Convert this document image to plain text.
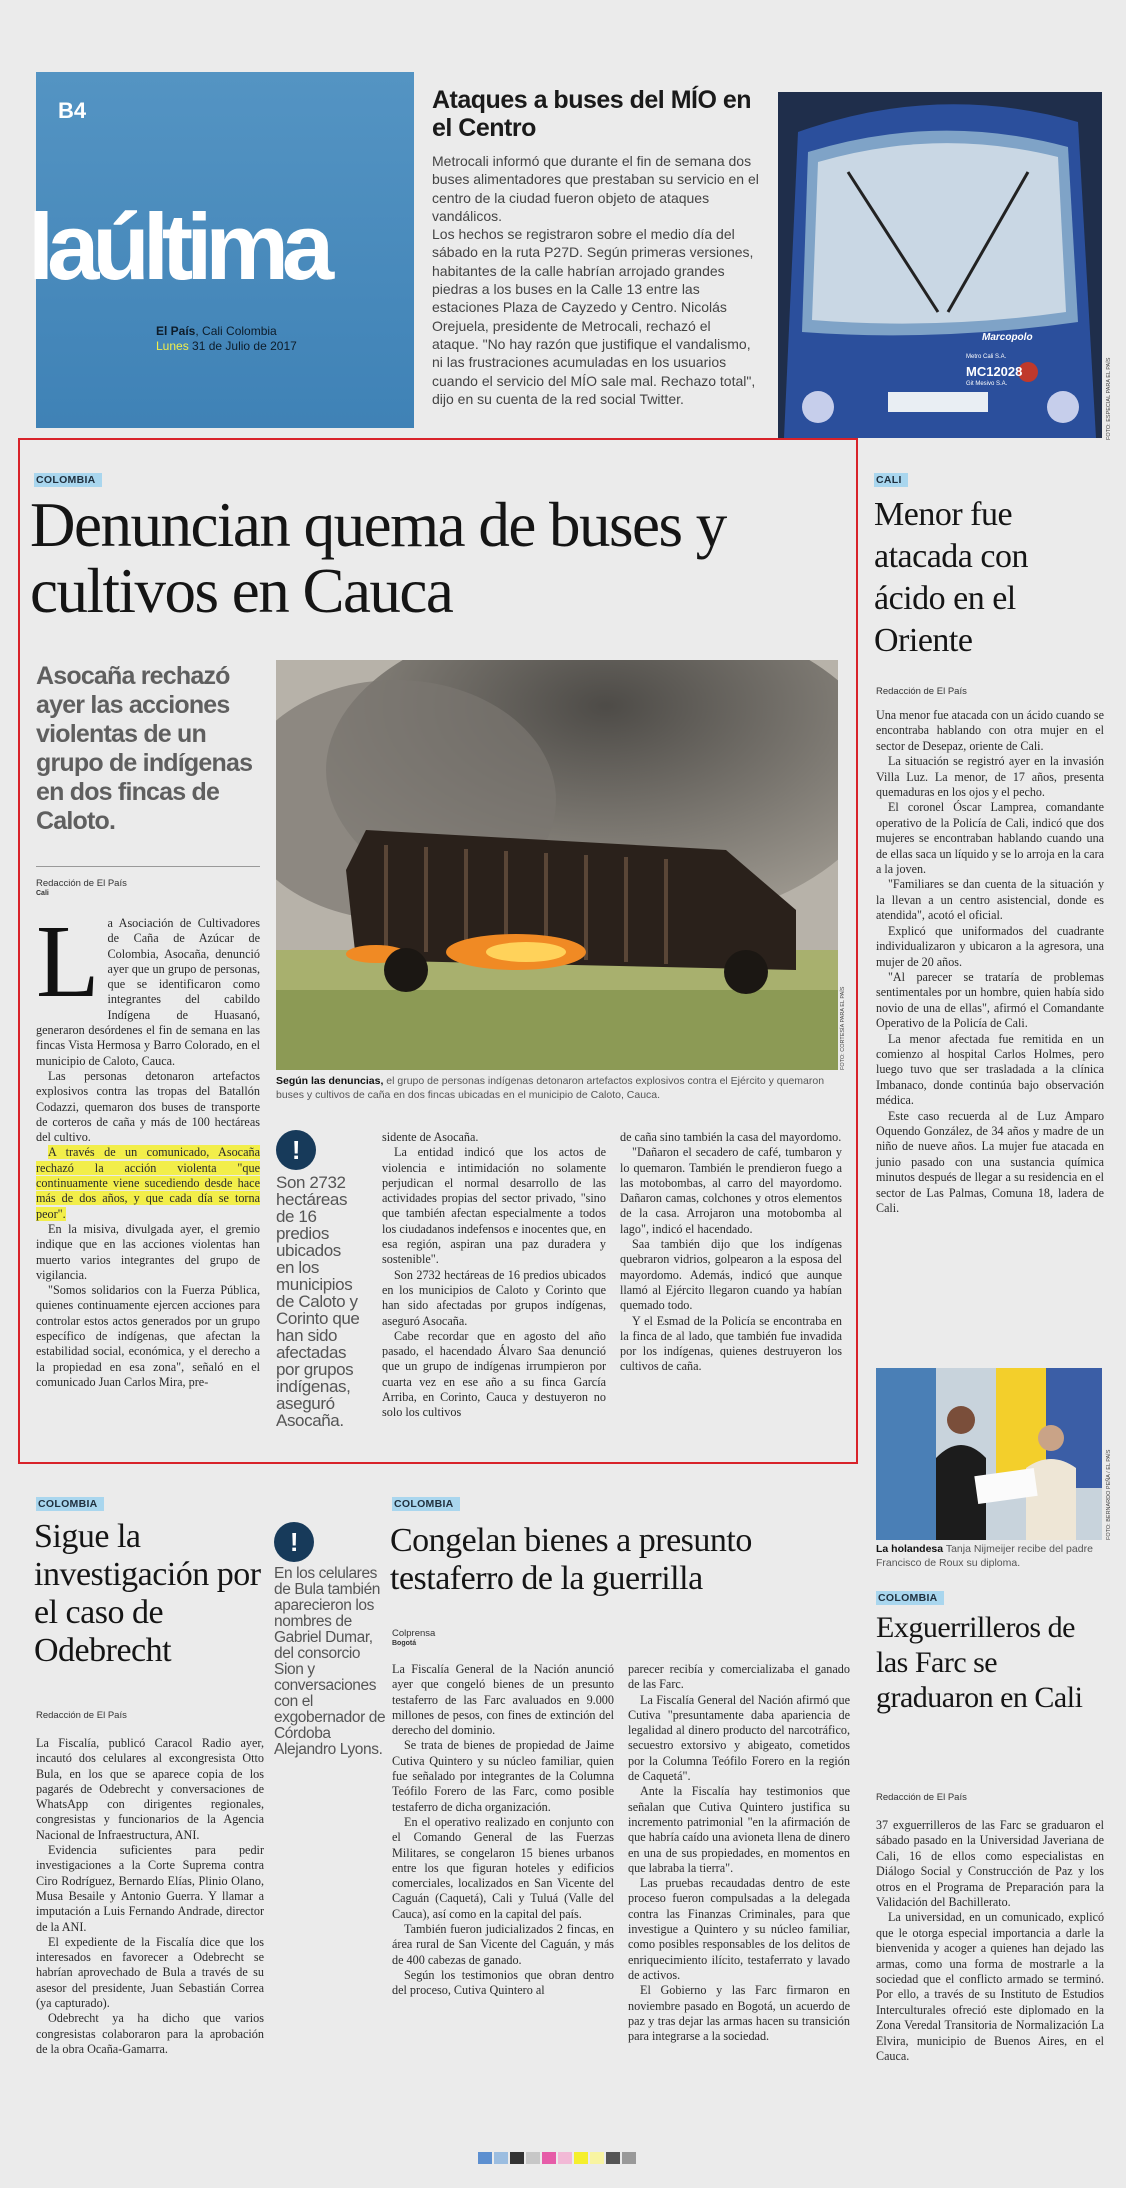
B4
laúltima
El País, Cali Colombia
Lunes 31 de Julio de 2017
Ataques a buses del MÍO en el Centro
Metrocali informó que durante el fin de semana dos buses alimentadores que prestaban su servicio en el centro de la ciudad fueron objeto de ataques vandálicos.
Los hechos se registraron sobre el medio día del sábado en la ruta P27D. Según primeras versiones, habitantes de la calle habrían arrojado grandes piedras a los buses en la Calle 13 entre las estaciones Plaza de Cayzedo y Centro. Nicolás Orejuela, presidente de Metrocali, rechazó el ataque. "No hay razón que justifique el vandalismo, ni las frustraciones acumuladas en los usuarios cuando el servicio del MÍO sale mal. Rechazo total", dijo en su cuenta de la red social Twitter.
Marcopolo
Metro Cali S.A.
MC12028
Git Mesivo S.A.	FOTO: ESPECIAL PARA EL PAÍS
COLOMBIA
Denuncian quema de buses y cultivos en Cauca
Asocaña rechazó ayer las acciones violentas de un grupo de indígenas en dos fincas de Caloto.
Redacción de El País
Cali
L a Asociación de Cultivadores de Caña de Azúcar de Colombia, Asocaña, denunció ayer que un grupo de personas, que se identificaron como integrantes del cabildo Indígena de Huasanó, generaron desórdenes el fin de semana en las fincas Vista Hermosa y Barro Colorado, en el municipio de Caloto, Cauca.

Las personas detonaron artefactos explosivos contra las tropas del Batallón Codazzi, quemaron dos buses de transporte de corteros de caña y más de 100 hectáreas del cultivo.

A través de un comunicado, Asocaña rechazó la acción violenta "que continuamente viene sucediendo desde hace más de dos años, y que cada día se torna peor".

En la misiva, divulgada ayer, el gremio indique que en las acciones violentas han muerto varios integrantes del grupo de vigilancia.

"Somos solidarios con la Fuerza Pública, quienes continuamente ejercen acciones para controlar estos actos generados por un grupo específico de indígenas, que afectan la estabilidad social, económica, y el derecho a la propiedad en esa zona", señaló en el comunicado Juan Carlos Mira, pre-

FOTO: CORTESÍA PARA EL PAÍS
Según las denuncias, el grupo de personas indígenas detonaron artefactos explosivos contra el Ejército y quemaron buses y cultivos de caña en dos fincas ubicadas en el municipio de Caloto, Cauca.
!
Son 2732 hectáreas de 16 predios ubicados en los municipios de Caloto y Corinto que han sido afectadas por grupos indígenas, aseguró Asocaña.

sidente de Asocaña.

La entidad indicó que los actos de violencia e intimidación no solamente perjudican el normal desarrollo de las actividades propias del sector privado, "sino que también afectan especialmente a todos los ciudadanos indefensos e inocentes que, en esa región, aspiran una paz duradera y sostenible".

Son 2732 hectáreas de 16 predios ubicados en los municipios de Caloto y Corinto que han sido afectadas por grupos indígenas, aseguró Asocaña.

Cabe recordar que en agosto del año pasado, el hacendado Álvaro Saa denunció que un grupo de indígenas irrumpieron por cuarta vez en ese año a su finca García Arriba, en Corinto, Cauca y destuyeron no solo los cultivos

de caña sino también la casa del mayordomo.

"Dañaron el secadero de café, tumbaron y lo quemaron. También le prendieron fuego a las motobombas, al carro del mayordomo. Dañaron camas, colchones y otros elementos de la casa. Arrojaron una motobomba al lago", indicó el hacendado.

Saa también dijo que los indígenas quebraron vidrios, golpearon a la esposa del mayordomo. Además, indicó que aunque llamó al Ejército llegaron cuando ya habían quemado todo.

Y el Esmad de la Policía se encontraba en la finca de al lado, que también fue invadida por los indígenas, quienes destruyeron los cultivos de caña.

CALI
Menor fue atacada con ácido en el Oriente
Redacción de El País

Una menor fue atacada con un ácido cuando se encontraba hablando con otra mujer en el sector de Desepaz, oriente de Cali.

La situación se registró ayer en la invasión Villa Luz. La menor, de 17 años, presenta quemaduras en los ojos y el pecho.

El coronel Óscar Lamprea, comandante operativo de la Policía de Cali, indicó que dos mujeres se encontraban hablando cuando una de ellas saca un líquido y se lo arroja en la cara a la joven.

"Familiares se dan cuenta de la situación y la llevan a un centro asistencial, donde es atendida", acotó el oficial.

Explicó que uniformados del cuadrante individualizaron y ubicaron a la agresora, una mujer de 20 años.

"Al parecer se trataría de problemas sentimentales por un hombre, quien había sido novio de una de ellas", afirmó el Comandante Operativo de la Policía de Cali.

La menor afectada fue remitida en un comienzo al hospital Carlos Holmes, pero luego tuvo que ser trasladada a la clínica Imbanaco, donde continúa bajo observación médica.

Este caso recuerda al de Luz Amparo Oquendo González, de 34 años y madre de un niño de nueve años. La mujer fue atacada en junio pasado con una sustancia química minutos después de llegar a su residencia en el sector de Las Palmas, Comuna 18, ladera de Cali.

FOTO: BERNARDO PEÑA / EL PAÍS
La holandesa Tanja Nijmeijer recibe del padre Francisco de Roux su diploma.
COLOMBIA
Exguerrilleros de las Farc se graduaron en Cali
Redacción de El País

37 exguerrilleros de las Farc se graduaron el sábado pasado en la Universidad Javeriana de Cali, 16 de ellos como especialistas en Diálogo Social y Construcción de Paz y los otros en el Programa de Preparación para la Validación del Bachillerato.

La universidad, en un comunicado, explicó que le otorga especial importancia a darle la bienvenida y acoger a quienes han dejado las armas, como una forma de mostrarle a la sociedad que el conflicto armado se terminó. Por ello, a través de su Instituto de Estudios Interculturales ofreció este diplomado en la Zona Veredal Transitoria de Normalización La Elvira, municipio de Buenos Aires, en el Cauca.

COLOMBIA
Sigue la investigación por el caso de Odebrecht
!
En los celulares de Bula también aparecieron los nombres de Gabriel Dumar, del consorcio Sion y conversaciones con el exgobernador de Córdoba Alejandro Lyons.
Redacción de El País

La Fiscalía, publicó Caracol Radio ayer, incautó dos celulares al excongresista Otto Bula, en los que se aparece copia de los pagarés de Odebrecht y conversaciones de WhatsApp con dirigentes regionales, congresistas y funcionarios de la Agencia Nacional de Infraestructura, ANI.

Evidencia suficientes para pedir investigaciones a la Corte Suprema contra Ciro Rodríguez, Bernardo Elías, Plinio Olano, Musa Besaile y Antonio Guerra. Y llamar a imputación a Luis Fernando Andrade, director de la ANI.

El expediente de la Fiscalía dice que los interesados en favorecer a Odebrecht se habrían aprovechado de Bula a través de su asesor del presidente, Juan Sebastián Correa (ya capturado).

Odebrecht ya ha dicho que varios congresistas colaboraron para la aprobación de la obra Ocaña-Gamarra.

COLOMBIA
Congelan bienes a presunto testaferro de la guerrilla
Colprensa
Bogotá

La Fiscalía General de la Nación anunció ayer que congeló bienes de un presunto testaferro de las Farc avaluados en 9.000 millones de pesos, con fines de extinción del derecho del dominio.

Se trata de bienes de propiedad de Jaime Cutiva Quintero y su núcleo familiar, quien fue señalado por integrantes de la Columna Teófilo Forero de las Farc, como posible testaferro de dicha organización.

En el operativo realizado en conjunto con el Comando General de las Fuerzas Militares, se congelaron 15 bienes urbanos entre los que figuran hoteles y edificios comerciales, localizados en San Vicente del Caguán (Caquetá), Cali y Tuluá (Valle del Cauca), así como en la capital del país.

También fueron judicializados 2 fincas, en área rural de San Vicente del Caguán, y más de 400 cabezas de ganado.

Según los testimonios que obran dentro del proceso, Cutiva Quintero al

parecer recibía y comercializaba el ganado de las Farc.

La Fiscalía General del Nación afirmó que Cutiva "presuntamente daba apariencia de legalidad al dinero producto del narcotráfico, secuestro extorsivo y abigeato, cometidos por la Columna Teófilo Forero en la región de Caquetá".

Ante la Fiscalía hay testimonios que señalan que Cutiva Quintero justifica su incremento patrimonial "en la afirmación de que habría caído una avioneta llena de dinero en una de sus propiedades, en momentos en que labraba la tierra".

Las pruebas recaudadas dentro de este proceso fueron compulsadas a la delegada contra las Finanzas Criminales, para que investigue a Quintero y su núcleo familiar, como posibles responsables de los delitos de enriquecimiento ilícito, testaferrato y lavado de activos.

El Gobierno y las Farc firmaron en noviembre pasado en Bogotá, un acuerdo de paz y tras dejar las armas hacen su transición para integrarse a la sociedad.
